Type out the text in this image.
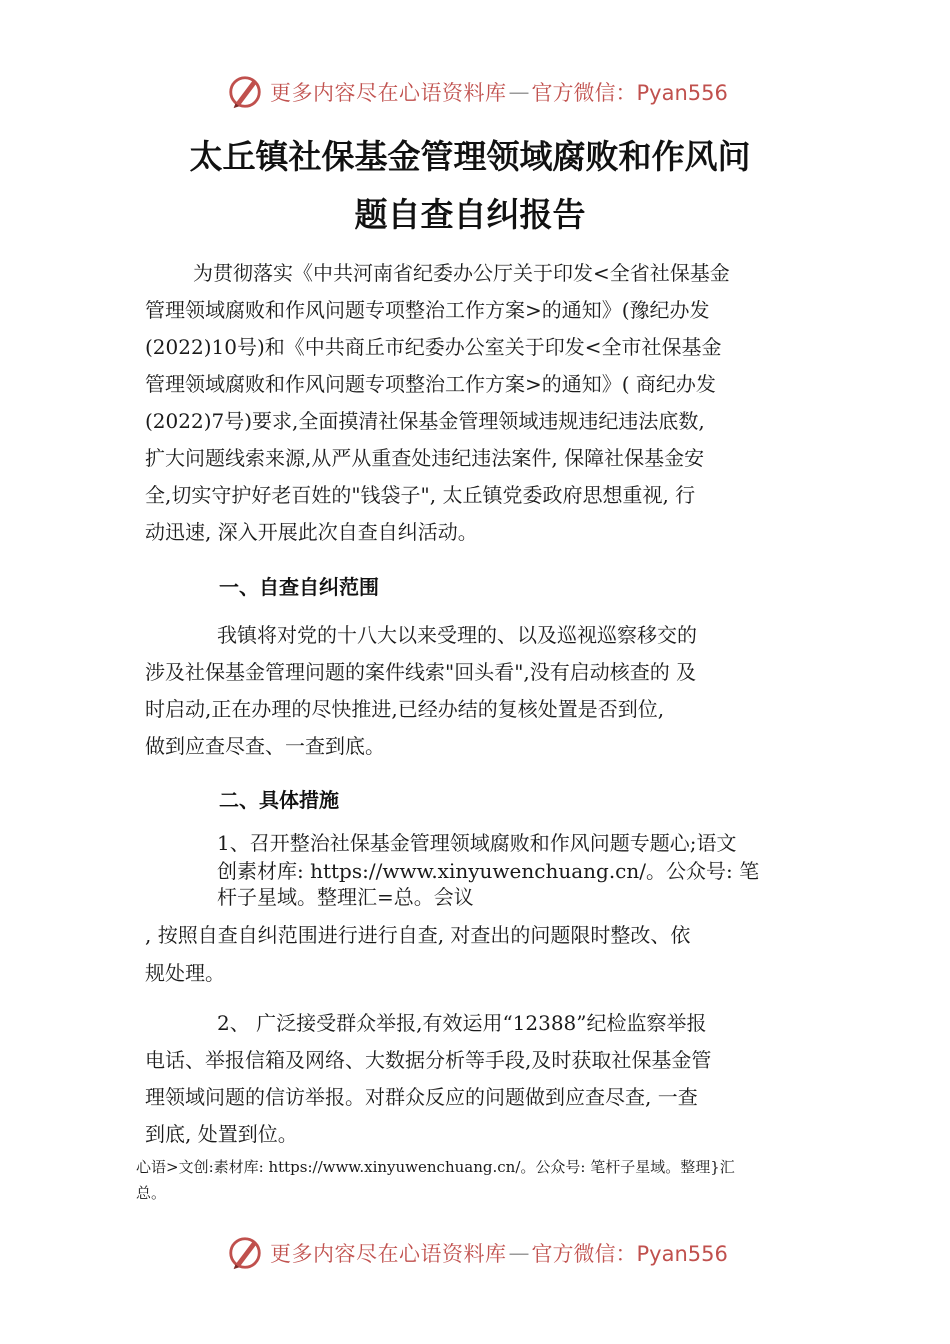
更多内容尽在心语资料库 — 官方微信：Pyan556
太丘镇社保基金管理领域腐败和作风问
题自查自纠报告
为贯彻落实《中共河南省纪委办公厅关于印发<全省社保基金
管理领域腐败和作风问题专项整治工作方案>的通知》(豫纪办发
(2022)10号)和《中共商丘市纪委办公室关于印发<全市社保基金
管理领域腐败和作风问题专项整治工作方案>的通知》( 商纪办发
(2022)7号)要求,全面摸清社保基金管理领域违规违纪违法底数,
扩大问题线索来源,从严从重查处违纪违法案件, 保障社保基金安
全,切实守护好老百姓的"钱袋子", 太丘镇党委政府思想重视, 行
动迅速, 深入开展此次自查自纠活动。
一、自查自纠范围
我镇将对党的十八大以来受理的、以及巡视巡察移交的
涉及社保基金管理问题的案件线索"回头看",没有启动核查的 及
时启动,正在办理的尽快推进,已经办结的复核处置是否到位,
做到应查尽查、一查到底。
二、具体措施
1、召开整治社保基金管理领域腐败和作风问题专题心;语文
创素材库: https://www.xinyuwenchuang.cn/。公众号: 笔
杆子星域。整理汇=总。会议
, 按照自查自纠范围进行进行自查, 对查出的问题限时整改、依
规处理。
2、 广泛接受群众举报,有效运用“12388”纪检监察举报
电话、举报信箱及网络、大数据分析等手段,及时获取社保基金管
理领域问题的信访举报。对群众反应的问题做到应查尽查, 一查
到底, 处置到位。
心语>文创:素材库: https://www.xinyuwenchuang.cn/。公众号: 笔杆子星域。整理}汇
总。
更多内容尽在心语资料库 — 官方微信：Pyan556
